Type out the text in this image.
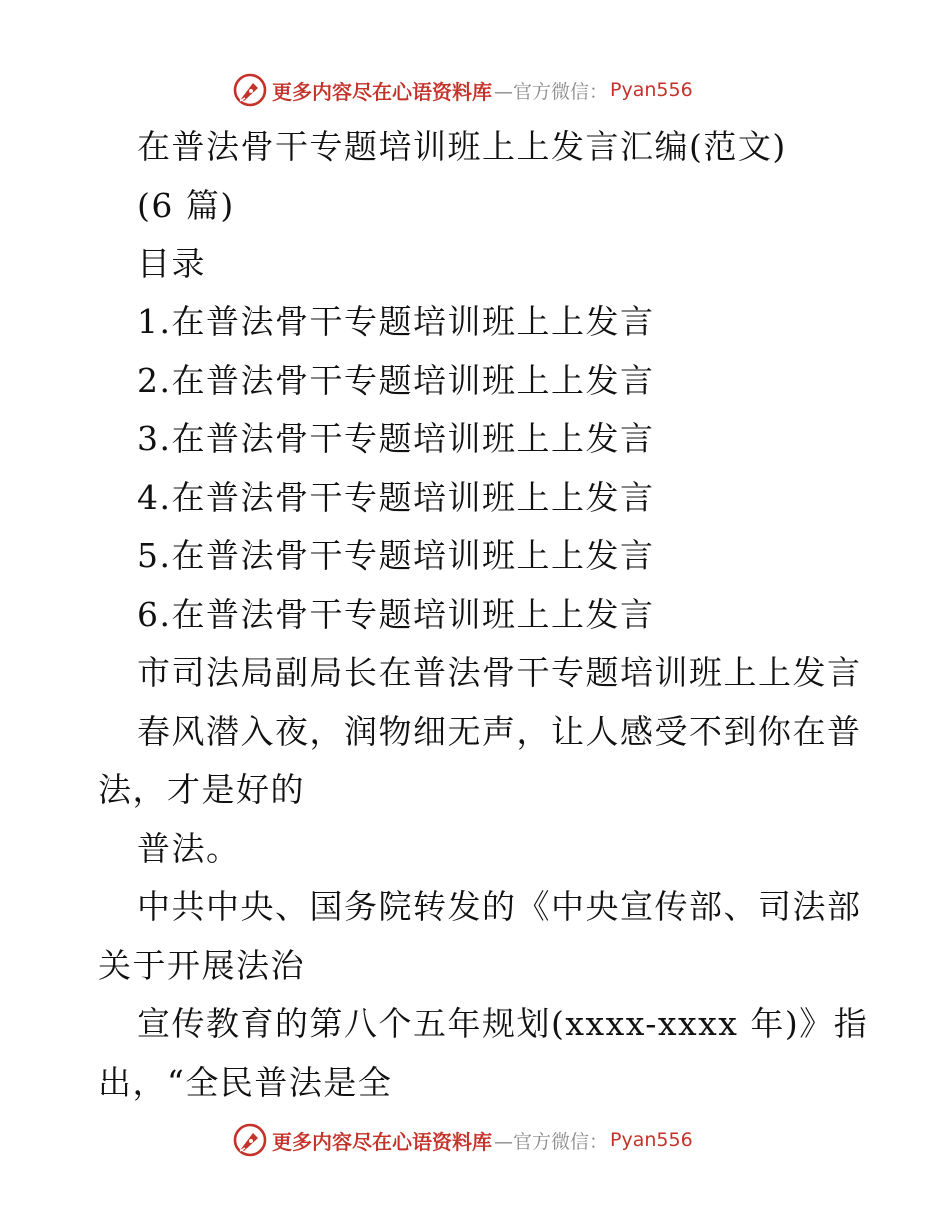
更多内容尽在心语资料库 —官方微信： Pyan556
在普法骨干专题培训班上上发言汇编(范文)
(6 篇)
目录
1.在普法骨干专题培训班上上发言
2.在普法骨干专题培训班上上发言
3.在普法骨干专题培训班上上发言
4.在普法骨干专题培训班上上发言
5.在普法骨干专题培训班上上发言
6.在普法骨干专题培训班上上发言
市司法局副局长在普法骨干专题培训班上上发言
春风潜入夜，润物细无声，让人感受不到你在普
法，才是好的
普法。
中共中央、国务院转发的《中央宣传部、司法部
关于开展法治
宣传教育的第八个五年规划(xxxx-xxxx 年)》指
出，“全民普法是全
更多内容尽在心语资料库 —官方微信： Pyan556
